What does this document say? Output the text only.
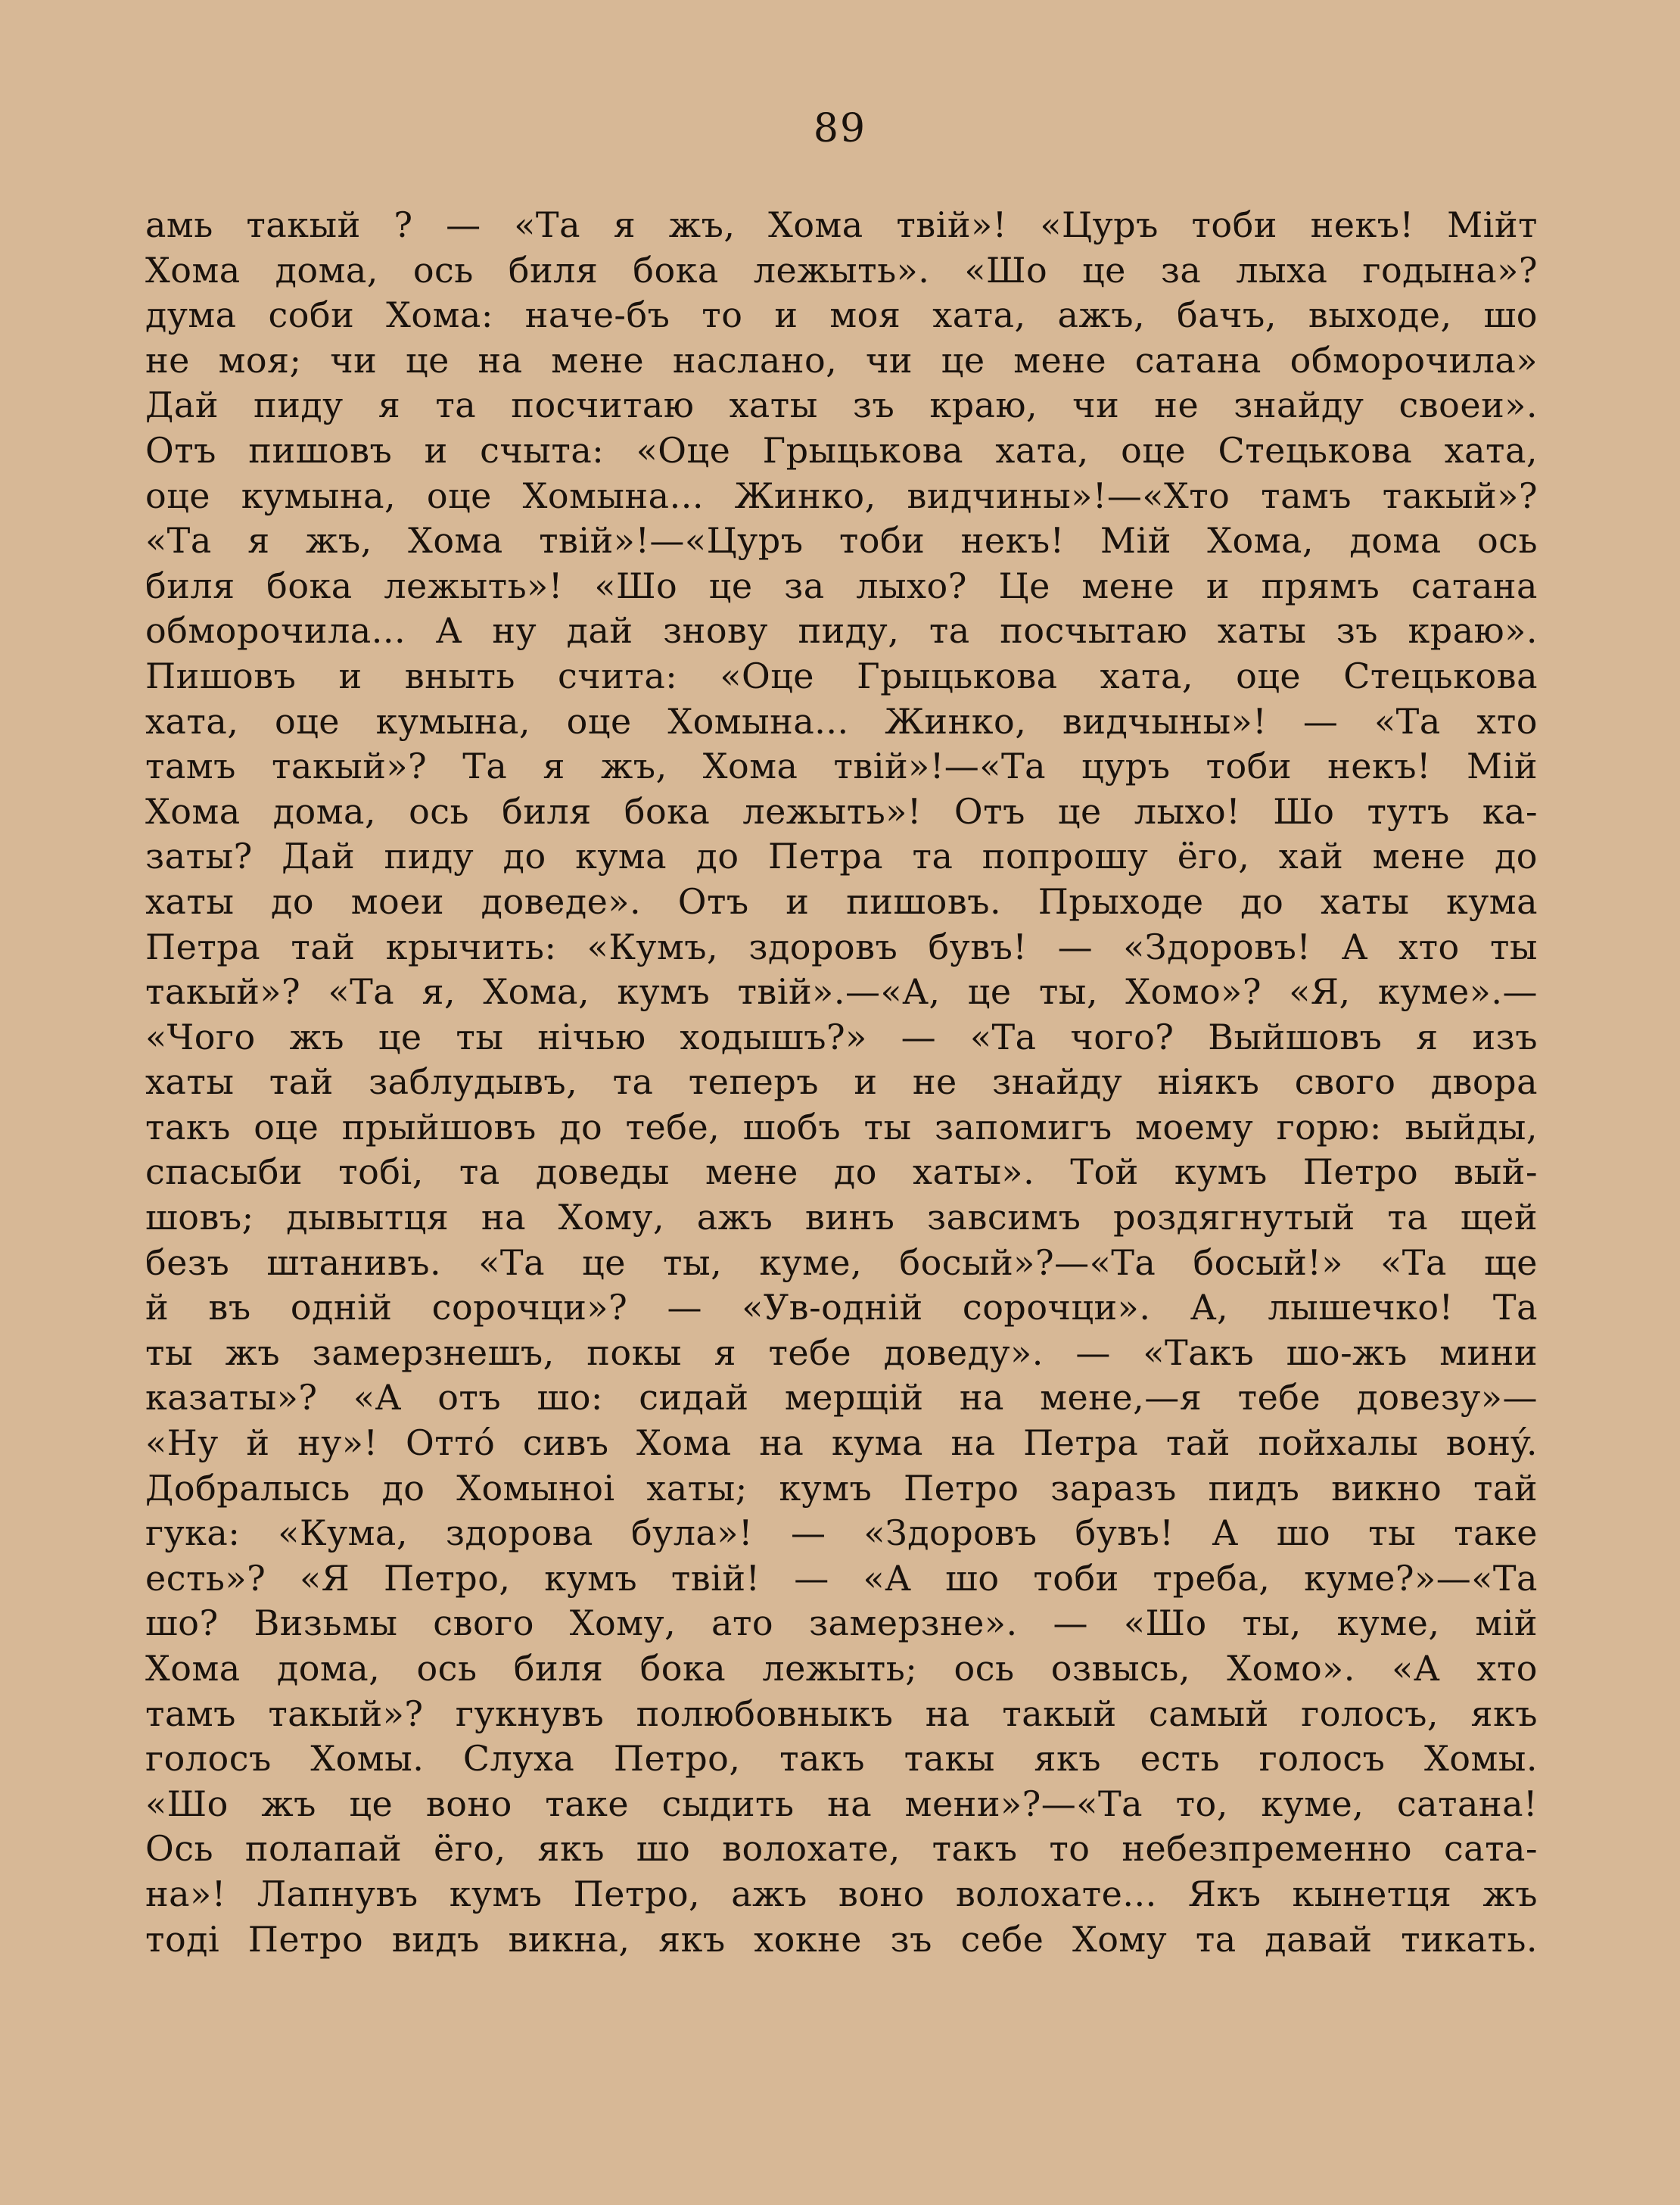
89
амь такый ? — «Та я жъ, Хома твій»! «Цуръ тоби некъ! Мійт
Хома дома, ось биля бока лежыть». «Шо це за лыха годына»?
дума соби Хома: наче-бъ то и моя хата, ажъ, бачъ, выходе, шо
не моя; чи це на мене наслано, чи це мене сатана обморочила»
Дай пиду я та посчитаю хаты зъ краю, чи не знайду своеи».
Отъ пишовъ и счыта: «Оце Грыцькова хата, оце Стецькова хата,
оце кумына, оце Хомына... Жинко, видчины»!—«Хто тамъ такый»?
«Та я жъ, Хома твій»!—«Цуръ тоби некъ! Мій Хома, дома ось
биля бока лежыть»! «Шо це за лыхо? Це мене и прямъ сатана
обморочила... А ну дай знову пиду, та посчытаю хаты зъ краю».
Пишовъ и вныть счита: «Оце Грыцькова хата, оце Стецькова
хата, оце кумына, оце Хомына... Жинко, видчыны»! — «Та хто
тамъ такый»? Та я жъ, Хома твій»!—«Та цуръ тоби некъ! Мій
Хома дома, ось биля бока лежыть»! Отъ це лыхо! Шо тутъ ка-
заты? Дай пиду до кума до Петра та попрошу ёго, хай мене до
хаты до моеи доведе». Отъ и пишовъ. Прыходе до хаты кума
Петра тай крычить: «Кумъ, здоровъ бувъ! — «Здоровъ! А хто ты
такый»? «Та я, Хома, кумъ твій».—«А, це ты, Хомо»? «Я, куме».—
«Чого жъ це ты нічью ходышъ?» — «Та чого? Выйшовъ я изъ
хаты тай заблудывъ, та теперъ и не знайду ніякъ свого двора
такъ оце прыйшовъ до тебе, шобъ ты запомигъ моему горю: выйды,
спасыби тобі, та доведы мене до хаты». Той кумъ Петро вый-
шовъ; дывытця на Хому, ажъ винъ завсимъ роздягнутый та щей
безъ штанивъ. «Та це ты, куме, босый»?—«Та босый!» «Та ще
й въ одній сорочци»? — «Ув-одній сорочци». А, лышечко! Та
ты жъ замерзнешъ, покы я тебе доведу». — «Такъ шо-жъ мини
казаты»? «А отъ шо: сидай мерщій на мене,—я тебе довезу»—
«Ну й ну»! Оттó сивъ Хома на кума на Петра тай пойхалы вонý.
Добралысь до Хомыноi хаты; кумъ Петро заразъ пидъ викно тай
гука: «Кума, здорова була»! — «Здоровъ бувъ! А шо ты таке
есть»? «Я Петро, кумъ твій! — «А шо тоби треба, куме?»—«Та
шо? Визьмы свого Хому, ато замерзне». — «Шо ты, куме, мій
Хома дома, ось биля бока лежыть; ось озвысь, Хомо». «А хто
тамъ такый»? гукнувъ полюбовныкъ на такый самый голосъ, якъ
голосъ Хомы. Слуха Петро, такъ такы якъ есть голосъ Хомы.
«Шо жъ це воно таке сыдить на мени»?—«Та то, куме, сатана!
Ось полапай ёго, якъ шо волохате, такъ то небезпременно сата-
на»! Лапнувъ кумъ Петро, ажъ воно волохате... Якъ кынетця жъ
тоді Петро видъ викна, якъ хокне зъ себе Хому та давай тикать.
